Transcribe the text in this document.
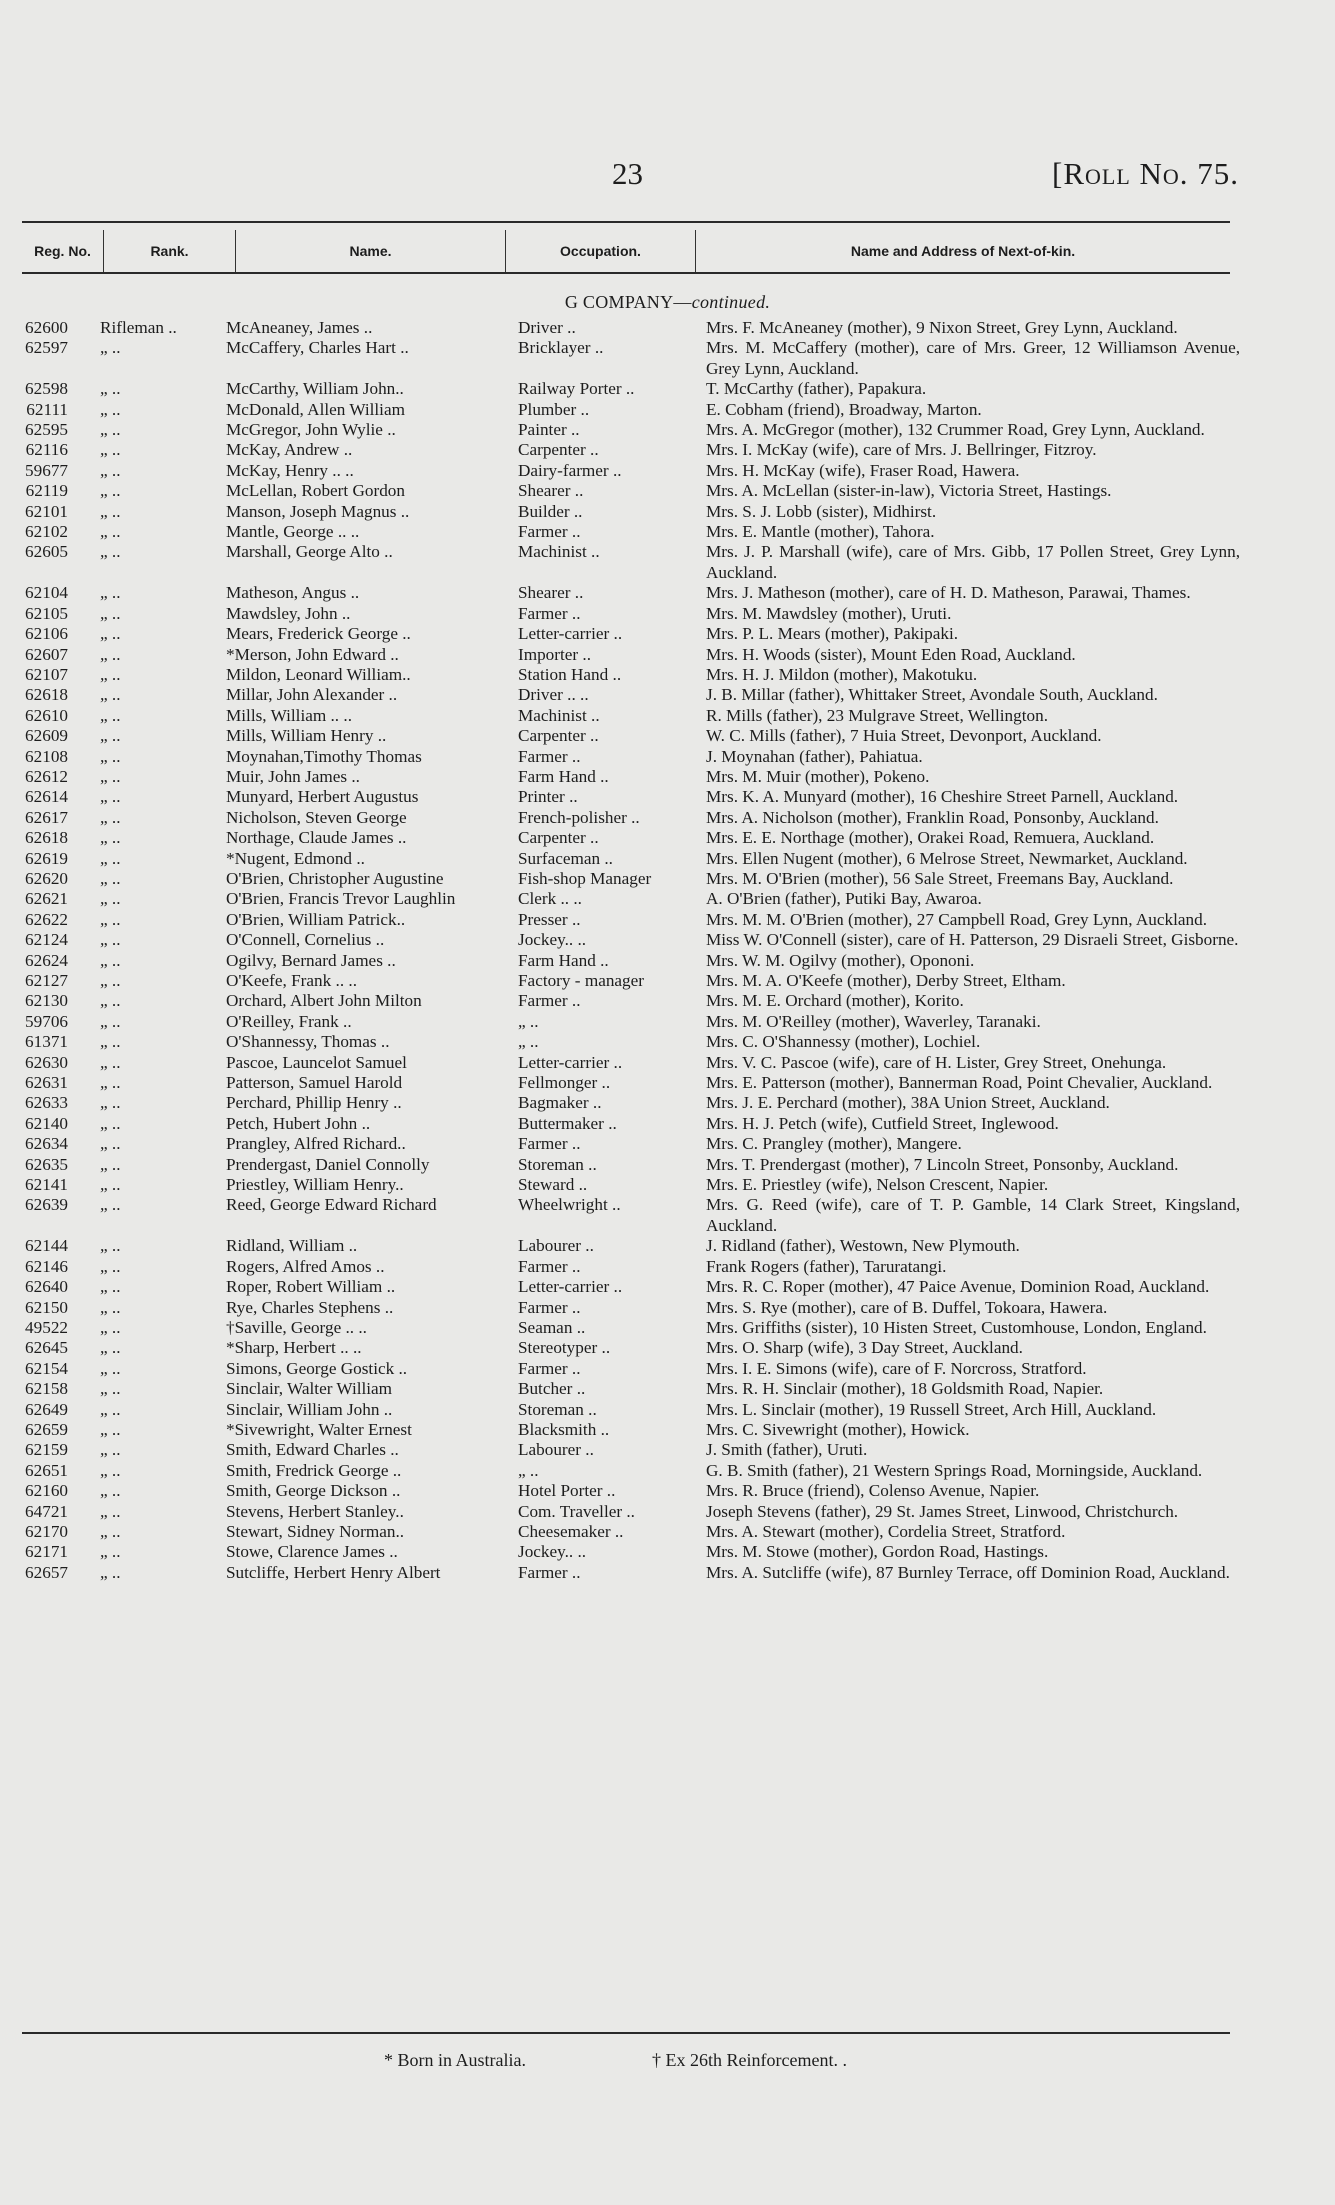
23	[Roll No. 75.
Reg. No.	Rank.	Name.	Occupation.	Name and Address of Next-of-kin.
G COMPANY—continued.
62600	Rifleman ..	McAneaney, James ..	Driver ..	Mrs. F. McAneaney (mother), 9 Nixon Street, Grey Lynn, Auckland.
62597	„ ..	McCaffery, Charles Hart ..	Bricklayer ..	Mrs. M. McCaffery (mother), care of Mrs. Greer, 12 Williamson Avenue, Grey Lynn, Auckland.
62598	„ ..	McCarthy, William John..	Railway Porter ..	T. McCarthy (father), Papakura.
62111	„ ..	McDonald, Allen William	Plumber ..	E. Cobham (friend), Broadway, Marton.
62595	„ ..	McGregor, John Wylie ..	Painter ..	Mrs. A. McGregor (mother), 132 Crummer Road, Grey Lynn, Auckland.
62116	„ ..	McKay, Andrew ..	Carpenter ..	Mrs. I. McKay (wife), care of Mrs. J. Bellringer, Fitzroy.
59677	„ ..	McKay, Henry .. ..	Dairy-farmer ..	Mrs. H. McKay (wife), Fraser Road, Hawera.
62119	„ ..	McLellan, Robert Gordon	Shearer ..	Mrs. A. McLellan (sister-in-law), Victoria Street, Hastings.
62101	„ ..	Manson, Joseph Magnus ..	Builder ..	Mrs. S. J. Lobb (sister), Midhirst.
62102	„ ..	Mantle, George .. ..	Farmer ..	Mrs. E. Mantle (mother), Tahora.
62605	„ ..	Marshall, George Alto ..	Machinist ..	Mrs. J. P. Marshall (wife), care of Mrs. Gibb, 17 Pollen Street, Grey Lynn, Auckland.
62104	„ ..	Matheson, Angus ..	Shearer ..	Mrs. J. Matheson (mother), care of H. D. Matheson, Parawai, Thames.
62105	„ ..	Mawdsley, John ..	Farmer ..	Mrs. M. Mawdsley (mother), Uruti.
62106	„ ..	Mears, Frederick George ..	Letter-carrier ..	Mrs. P. L. Mears (mother), Pakipaki.
62607	„ ..	*Merson, John Edward ..	Importer ..	Mrs. H. Woods (sister), Mount Eden Road, Auckland.
62107	„ ..	Mildon, Leonard William..	Station Hand ..	Mrs. H. J. Mildon (mother), Makotuku.
62618	„ ..	Millar, John Alexander ..	Driver .. ..	J. B. Millar (father), Whittaker Street, Avondale South, Auckland.
62610	„ ..	Mills, William .. ..	Machinist ..	R. Mills (father), 23 Mulgrave Street, Wellington.
62609	„ ..	Mills, William Henry ..	Carpenter ..	W. C. Mills (father), 7 Huia Street, Devonport, Auckland.
62108	„ ..	Moynahan,Timothy Thomas	Farmer ..	J. Moynahan (father), Pahiatua.
62612	„ ..	Muir, John James ..	Farm Hand ..	Mrs. M. Muir (mother), Pokeno.
62614	„ ..	Munyard, Herbert Augustus	Printer ..	Mrs. K. A. Munyard (mother), 16 Cheshire Street Parnell, Auckland.
62617	„ ..	Nicholson, Steven George	French-polisher ..	Mrs. A. Nicholson (mother), Franklin Road, Ponsonby, Auckland.
62618	„ ..	Northage, Claude James ..	Carpenter ..	Mrs. E. E. Northage (mother), Orakei Road, Remuera, Auckland.
62619	„ ..	*Nugent, Edmond ..	Surfaceman ..	Mrs. Ellen Nugent (mother), 6 Melrose Street, Newmarket, Auckland.
62620	„ ..	O'Brien, Christopher Augustine	Fish-shop Manager	Mrs. M. O'Brien (mother), 56 Sale Street, Freemans Bay, Auckland.
62621	„ ..	O'Brien, Francis Trevor Laughlin	Clerk .. ..	A. O'Brien (father), Putiki Bay, Awaroa.
62622	„ ..	O'Brien, William Patrick..	Presser ..	Mrs. M. M. O'Brien (mother), 27 Campbell Road, Grey Lynn, Auckland.
62124	„ ..	O'Connell, Cornelius ..	Jockey.. ..	Miss W. O'Connell (sister), care of H. Patterson, 29 Disraeli Street, Gisborne.
62624	„ ..	Ogilvy, Bernard James ..	Farm Hand ..	Mrs. W. M. Ogilvy (mother), Opononi.
62127	„ ..	O'Keefe, Frank .. ..	Factory - manager	Mrs. M. A. O'Keefe (mother), Derby Street, Eltham.
62130	„ ..	Orchard, Albert John Milton	Farmer ..	Mrs. M. E. Orchard (mother), Korito.
59706	„ ..	O'Reilley, Frank ..	„ ..	Mrs. M. O'Reilley (mother), Waverley, Taranaki.
61371	„ ..	O'Shannessy, Thomas ..	„ ..	Mrs. C. O'Shannessy (mother), Lochiel.
62630	„ ..	Pascoe, Launcelot Samuel	Letter-carrier ..	Mrs. V. C. Pascoe (wife), care of H. Lister, Grey Street, Onehunga.
62631	„ ..	Patterson, Samuel Harold	Fellmonger ..	Mrs. E. Patterson (mother), Bannerman Road, Point Chevalier, Auckland.
62633	„ ..	Perchard, Phillip Henry ..	Bagmaker ..	Mrs. J. E. Perchard (mother), 38A Union Street, Auckland.
62140	„ ..	Petch, Hubert John ..	Buttermaker ..	Mrs. H. J. Petch (wife), Cutfield Street, Inglewood.
62634	„ ..	Prangley, Alfred Richard..	Farmer ..	Mrs. C. Prangley (mother), Mangere.
62635	„ ..	Prendergast, Daniel Connolly	Storeman ..	Mrs. T. Prendergast (mother), 7 Lincoln Street, Ponsonby, Auckland.
62141	„ ..	Priestley, William Henry..	Steward ..	Mrs. E. Priestley (wife), Nelson Crescent, Napier.
62639	„ ..	Reed, George Edward Richard	Wheelwright ..	Mrs. G. Reed (wife), care of T. P. Gamble, 14 Clark Street, Kingsland, Auckland.
62144	„ ..	Ridland, William ..	Labourer ..	J. Ridland (father), Westown, New Plymouth.
62146	„ ..	Rogers, Alfred Amos ..	Farmer ..	Frank Rogers (father), Taruratangi.
62640	„ ..	Roper, Robert William ..	Letter-carrier ..	Mrs. R. C. Roper (mother), 47 Paice Avenue, Dominion Road, Auckland.
62150	„ ..	Rye, Charles Stephens ..	Farmer ..	Mrs. S. Rye (mother), care of B. Duffel, Tokoara, Hawera.
49522	„ ..	†Saville, George .. ..	Seaman ..	Mrs. Griffiths (sister), 10 Histen Street, Customhouse, London, England.
62645	„ ..	*Sharp, Herbert .. ..	Stereotyper ..	Mrs. O. Sharp (wife), 3 Day Street, Auckland.
62154	„ ..	Simons, George Gostick ..	Farmer ..	Mrs. I. E. Simons (wife), care of F. Norcross, Stratford.
62158	„ ..	Sinclair, Walter William	Butcher ..	Mrs. R. H. Sinclair (mother), 18 Goldsmith Road, Napier.
62649	„ ..	Sinclair, William John ..	Storeman ..	Mrs. L. Sinclair (mother), 19 Russell Street, Arch Hill, Auckland.
62659	„ ..	*Sivewright, Walter Ernest	Blacksmith ..	Mrs. C. Sivewright (mother), Howick.
62159	„ ..	Smith, Edward Charles ..	Labourer ..	J. Smith (father), Uruti.
62651	„ ..	Smith, Fredrick George ..	„ ..	G. B. Smith (father), 21 Western Springs Road, Morningside, Auckland.
62160	„ ..	Smith, George Dickson ..	Hotel Porter ..	Mrs. R. Bruce (friend), Colenso Avenue, Napier.
64721	„ ..	Stevens, Herbert Stanley..	Com. Traveller ..	Joseph Stevens (father), 29 St. James Street, Linwood, Christchurch.
62170	„ ..	Stewart, Sidney Norman..	Cheesemaker ..	Mrs. A. Stewart (mother), Cordelia Street, Stratford.
62171	„ ..	Stowe, Clarence James ..	Jockey.. ..	Mrs. M. Stowe (mother), Gordon Road, Hastings.
62657	„ ..	Sutcliffe, Herbert Henry Albert	Farmer ..	Mrs. A. Sutcliffe (wife), 87 Burnley Terrace, off Dominion Road, Auckland.
* Born in Australia.	† Ex 26th Reinforcement. .
